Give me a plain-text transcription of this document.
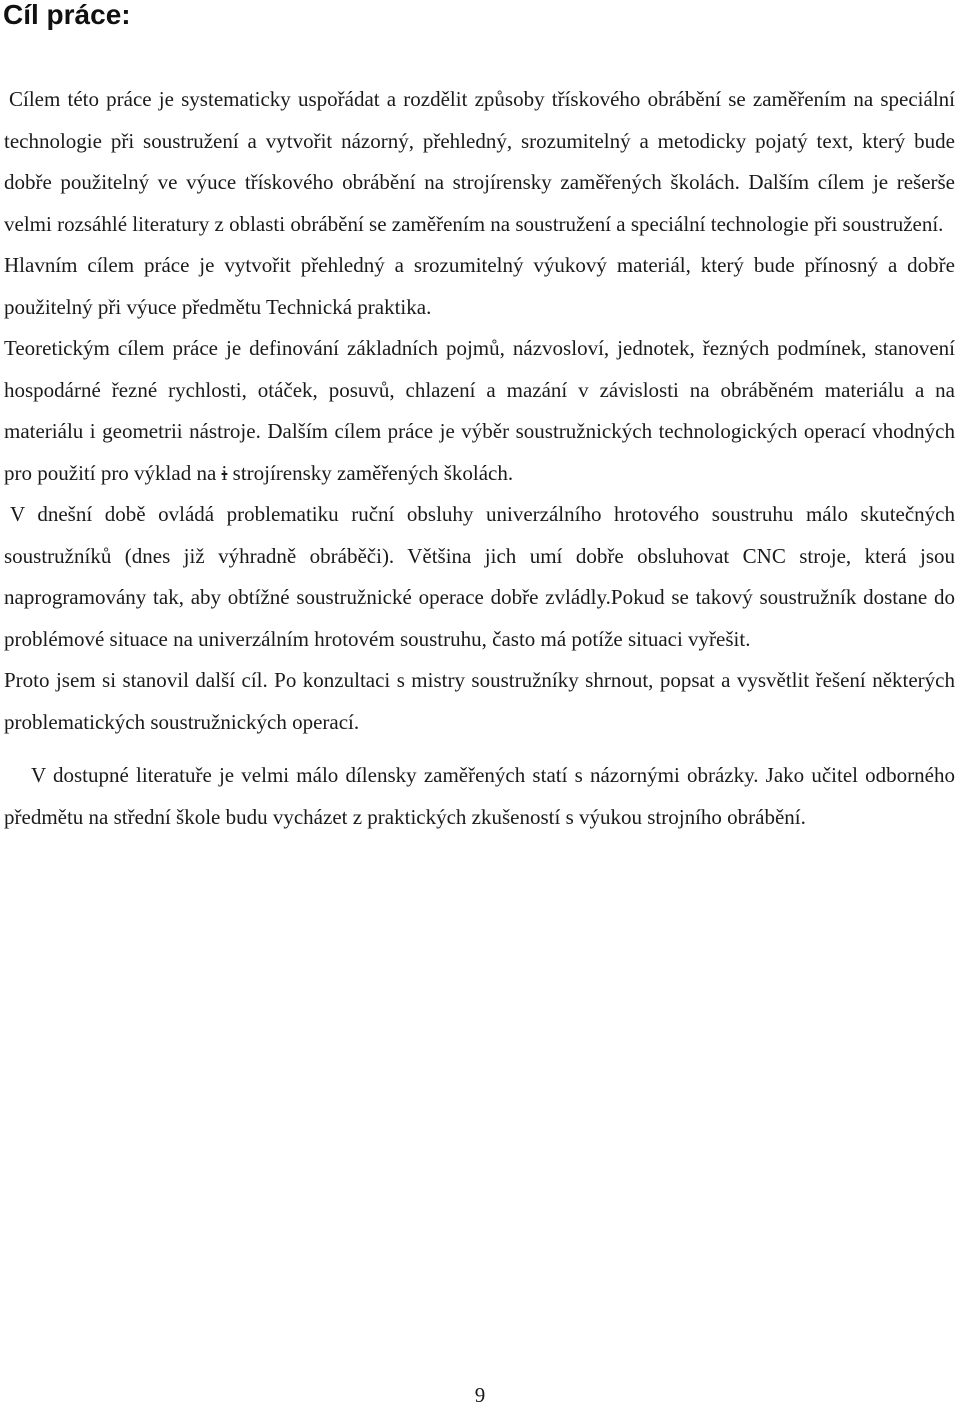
Cíl práce:

Cílem této práce je systematicky uspořádat a rozdělit způsoby třískového obrábění se zaměřením na speciální technologie při soustružení a vytvořit názorný, přehledný, srozumitelný a metodicky pojatý text, který bude dobře použitelný ve výuce třískového obrábění na strojírensky zaměřených školách. Dalším cílem je rešerše velmi rozsáhlé literatury z oblasti obrábění se zaměřením na soustružení a speciální technologie při soustružení.

Hlavním cílem práce je vytvořit přehledný a srozumitelný výukový materiál, který bude přínosný a dobře použitelný při výuce předmětu Technická praktika.

Teoretickým cílem práce je definování základních pojmů, názvosloví, jednotek, řezných podmínek, stanovení hospodárné řezné rychlosti, otáček, posuvů, chlazení a mazání v závislosti na obráběném materiálu a na materiálu i geometrii nástroje. Dalším cílem práce je výběr soustružnických technologických operací vhodných pro použití pro výklad na i strojírensky zaměřených školách.

V dnešní době ovládá problematiku ruční obsluhy univerzálního hrotového soustruhu málo skutečných soustružníků (dnes již výhradně obráběči). Většina jich umí dobře obsluhovat CNC stroje, která jsou naprogramovány tak, aby obtížné soustružnické operace dobře zvládly.Pokud se takový soustružník dostane do problémové situace na univerzálním hrotovém soustruhu, často má potíže situaci vyřešit.

Proto jsem si stanovil další cíl. Po konzultaci s mistry soustružníky shrnout, popsat a vysvětlit řešení některých problematických soustružnických operací.

V dostupné literatuře je velmi málo dílensky zaměřených statí s názornými obrázky. Jako učitel odborného předmětu na střední škole budu vycházet z praktických zkušeností s výukou strojního obrábění.

9
